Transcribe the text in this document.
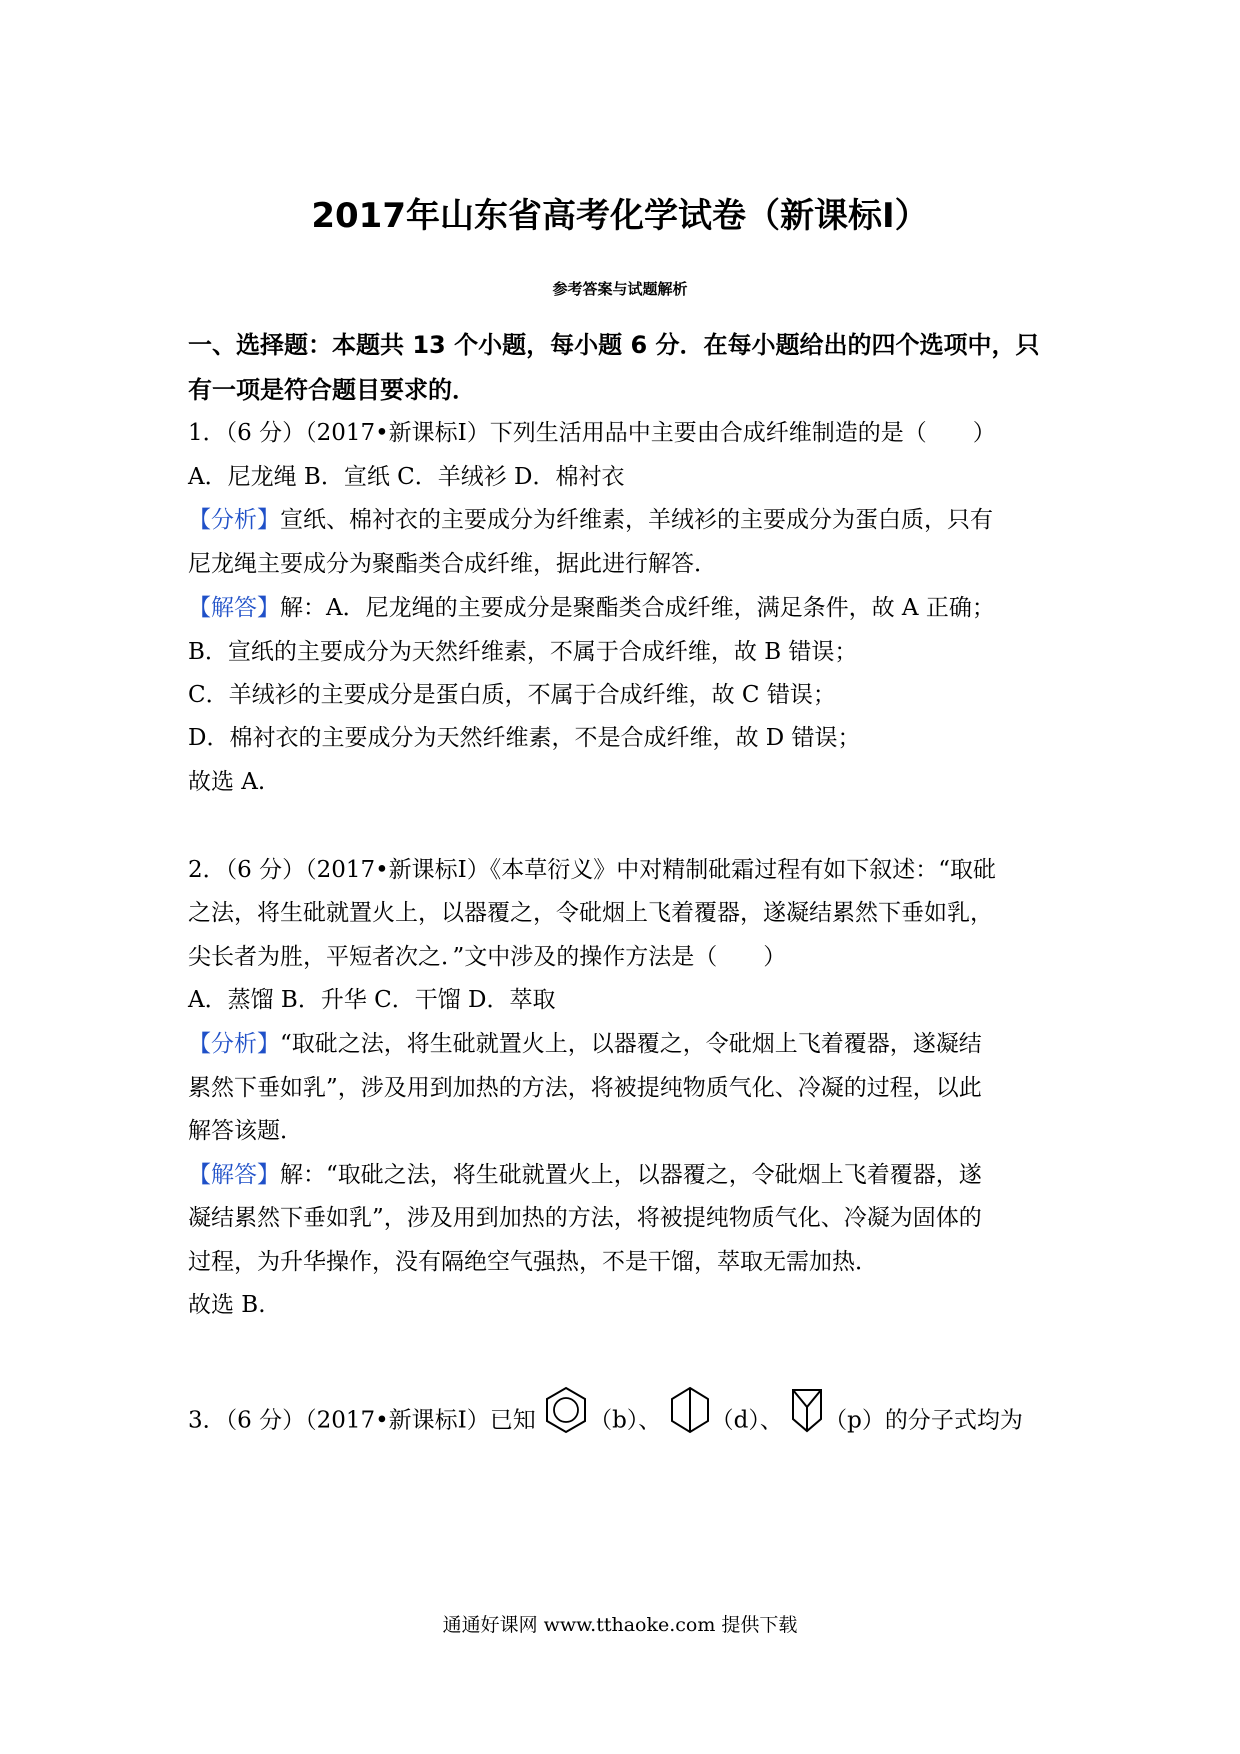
2017年山东省高考化学试卷（新课标Ⅰ）
参考答案与试题解析
一、选择题：本题共 13 个小题，每小题 6 分．在每小题给出的四个选项中，只
有一项是符合题目要求的．
1．（6 分）（2017•新课标Ⅰ）下列生活用品中主要由合成纤维制造的是（　　）
A．尼龙绳 B．宣纸 C．羊绒衫 D．棉衬衣
【分析】宣纸、棉衬衣的主要成分为纤维素，羊绒衫的主要成分为蛋白质，只有
尼龙绳主要成分为聚酯类合成纤维，据此进行解答．
【解答】解：A．尼龙绳的主要成分是聚酯类合成纤维，满足条件，故 A 正确；
B．宣纸的主要成分为天然纤维素，不属于合成纤维，故 B 错误；
C．羊绒衫的主要成分是蛋白质，不属于合成纤维，故 C 错误；
D．棉衬衣的主要成分为天然纤维素，不是合成纤维，故 D 错误；
故选 A.
2．（6 分）（2017•新课标Ⅰ）《本草衍义》中对精制砒霜过程有如下叙述：“取砒
之法，将生砒就置火上，以器覆之，令砒烟上飞着覆器，遂凝结累然下垂如乳，
尖长者为胜，平短者次之．”文中涉及的操作方法是（　　）
A．蒸馏 B．升华 C．干馏 D．萃取
【分析】“取砒之法，将生砒就置火上，以器覆之，令砒烟上飞着覆器，遂凝结
累然下垂如乳”，涉及用到加热的方法，将被提纯物质气化、冷凝的过程，以此
解答该题．
【解答】解：“取砒之法，将生砒就置火上，以器覆之，令砒烟上飞着覆器，遂
凝结累然下垂如乳”，涉及用到加热的方法，将被提纯物质气化、冷凝为固体的
过程，为升华操作，没有隔绝空气强热，不是干馏，萃取无需加热．
故选 B.
3．（6 分）（2017•新课标Ⅰ）已知 （b）、 （d）、 （p）的分子式均为
通通好课网 www.tthaoke.com 提供下载
